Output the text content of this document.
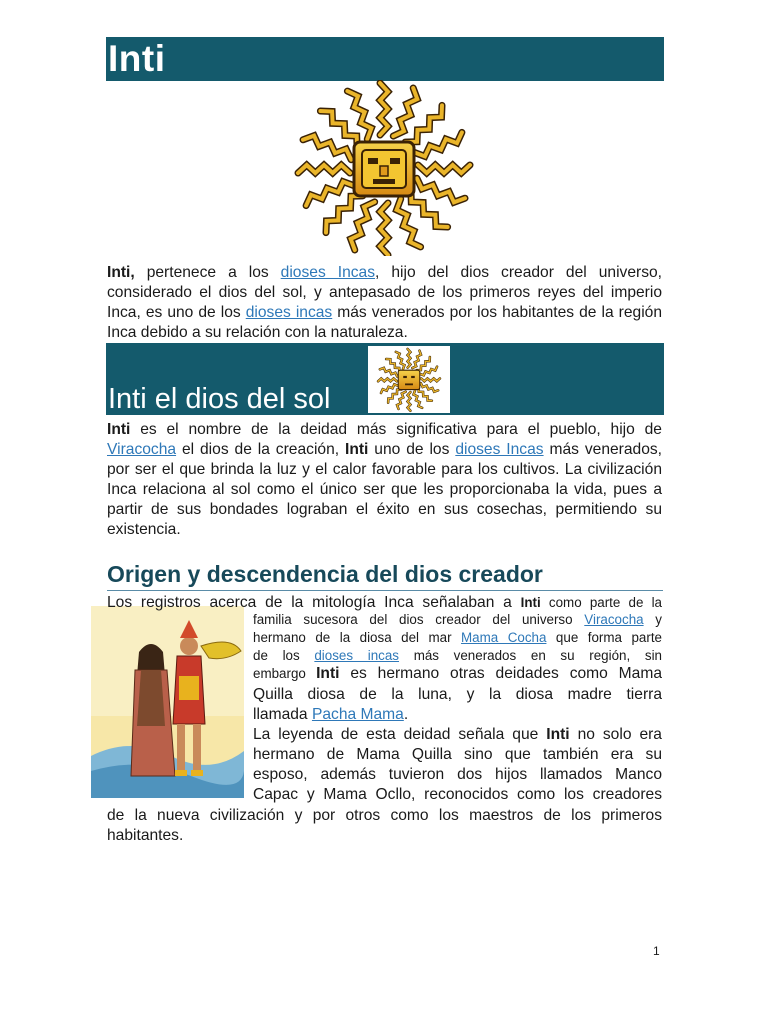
Inti

Inti, pertenece a los dioses Incas, hijo del dios creador del universo, considerado el dios del sol, y antepasado de los primeros reyes del imperio Inca, es uno de los dioses incas más venerados por los habitantes de la región Inca debido a su relación con la naturaleza.

Inti el dios del sol

Inti es el nombre de la deidad más significativa para el pueblo, hijo de Viracocha el dios de la creación, Inti uno de los dioses Incas más venerados, por ser el que brinda la luz y el calor favorable para los cultivos. La civilización Inca relaciona al sol como el único ser que les proporcionaba la vida, pues a partir de sus bondades lograban el éxito en sus cosechas, permitiendo su existencia.

Origen y descendencia del dios creador
Los registros acerca de la mitología Inca señalaban a Inti como parte de la
familia sucesora del dios creador del universo Viracocha y
hermano de la diosa del mar Mama Cocha que forma parte
de los dioses incas más venerados en su región, sin
embargo Inti es hermano otras deidades como Mama
Quilla diosa de la luna, y la diosa madre tierra
llamada Pacha Mama.
La leyenda de esta deidad señala que Inti no solo era
hermano de Mama Quilla sino que también era su
esposo, además tuvieron dos hijos llamados Manco
Capac y Mama Ocllo, reconocidos como los creadores
de la nueva civilización y por otros como los maestros de los primeros
habitantes.
1
